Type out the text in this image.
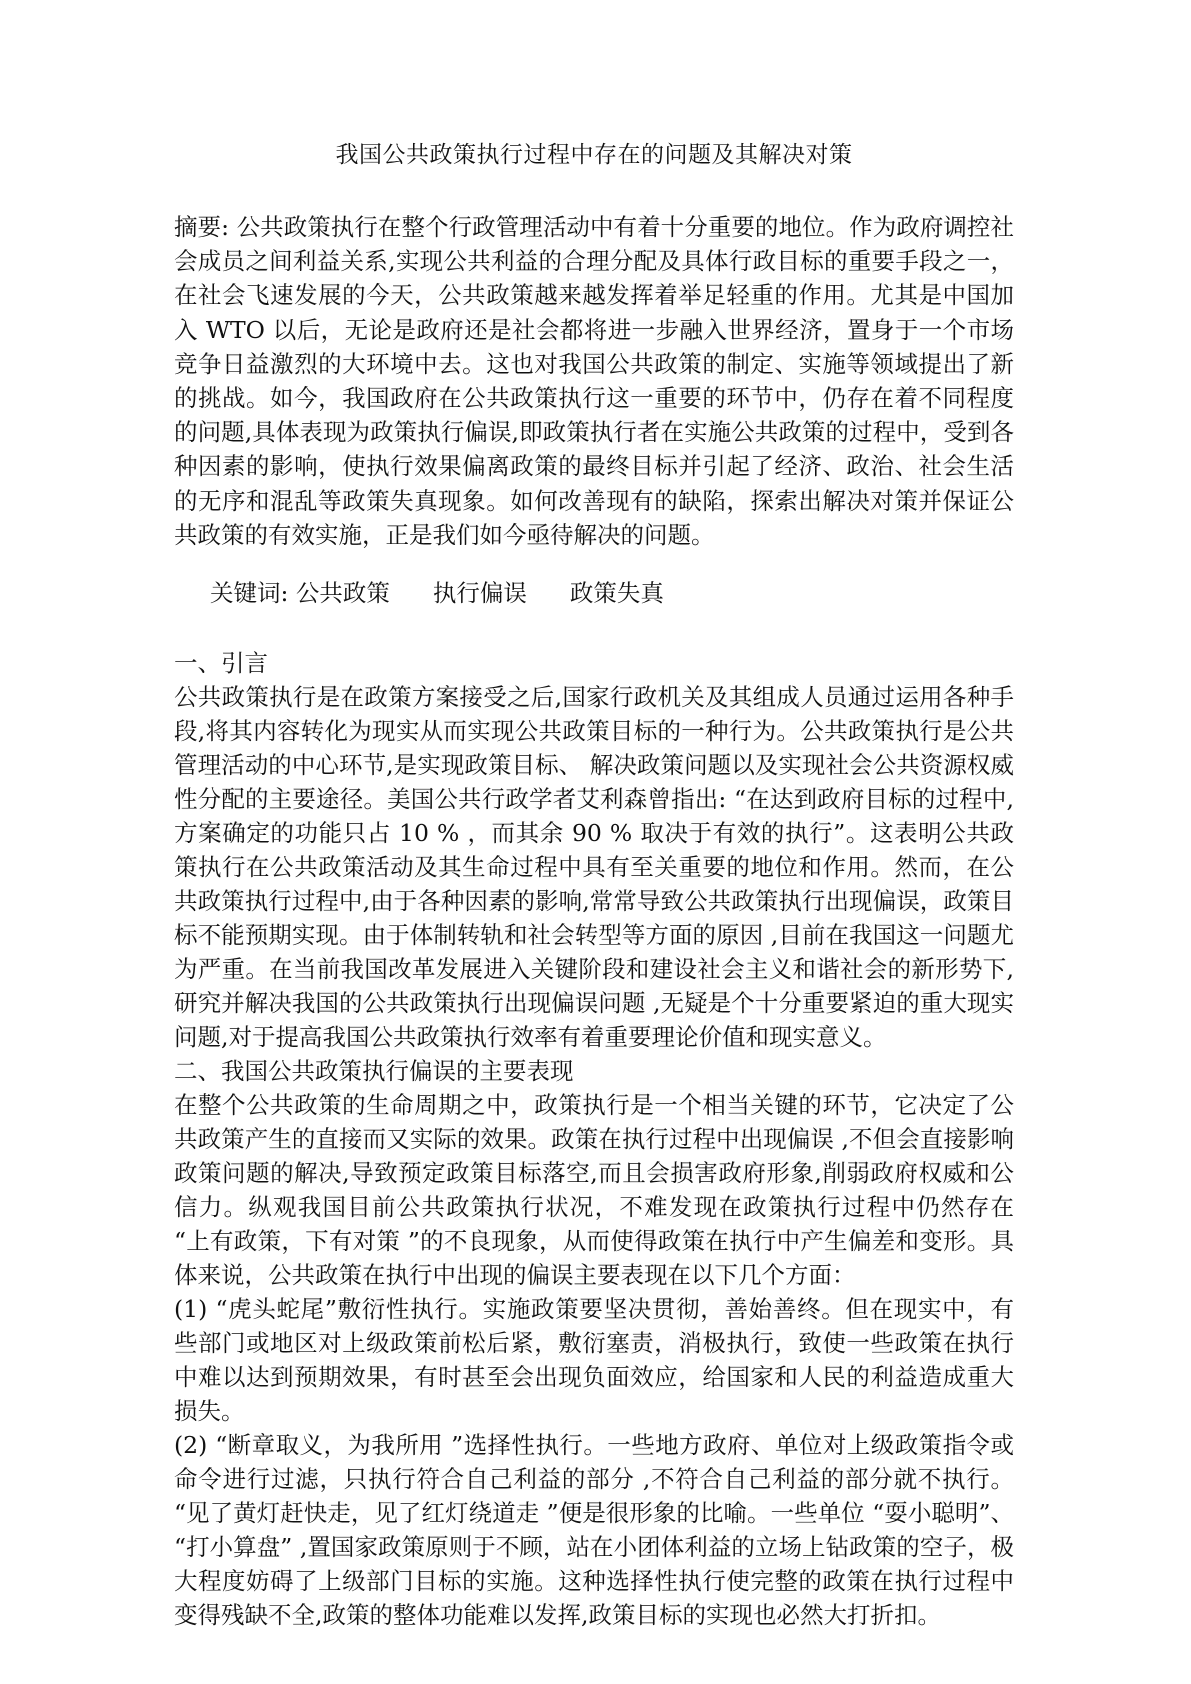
我国公共政策执行过程中存在的问题及其解决对策

摘要: 公共政策执行在整个行政管理活动中有着十分重要的地位。作为政府调控社会成员之间利益关系,实现公共利益的合理分配及具体行政目标的重要手段之一，在社会飞速发展的今天，公共政策越来越发挥着举足轻重的作用。尤其是中国加入 WTO 以后，无论是政府还是社会都将进一步融入世界经济，置身于一个市场竞争日益激烈的大环境中去。这也对我国公共政策的制定、实施等领域提出了新的挑战。如今，我国政府在公共政策执行这一重要的环节中，仍存在着不同程度的问题,具体表现为政策执行偏误,即政策执行者在实施公共政策的过程中，受到各种因素的影响，使执行效果偏离政策的最终目标并引起了经济、政治、社会生活的无序和混乱等政策失真现象。如何改善现有的缺陷，探索出解决对策并保证公共政策的有效实施，正是我们如今亟待解决的问题。

关键词: 公共政策 执行偏误 政策失真

一、引言

公共政策执行是在政策方案接受之后,国家行政机关及其组成人员通过运用各种手段,将其内容转化为现实从而实现公共政策目标的一种行为。公共政策执行是公共管理活动的中心环节,是实现政策目标、 解决政策问题以及实现社会公共资源权威性分配的主要途径。美国公共行政学者艾利森曾指出: “在达到政府目标的过程中,方案确定的功能只占 10 % ，而其余 90 % 取决于有效的执行”。这表明公共政策执行在公共政策活动及其生命过程中具有至关重要的地位和作用。然而，在公共政策执行过程中,由于各种因素的影响,常常导致公共政策执行出现偏误，政策目标不能预期实现。由于体制转轨和社会转型等方面的原因 ,目前在我国这一问题尤为严重。在当前我国改革发展进入关键阶段和建设社会主义和谐社会的新形势下,研究并解决我国的公共政策执行出现偏误问题 ,无疑是个十分重要紧迫的重大现实问题,对于提高我国公共政策执行效率有着重要理论价值和现实意义。

二、我国公共政策执行偏误的主要表现

在整个公共政策的生命周期之中，政策执行是一个相当关键的环节，它决定了公共政策产生的直接而又实际的效果。政策在执行过程中出现偏误 ,不但会直接影响政策问题的解决,导致预定政策目标落空,而且会损害政府形象,削弱政府权威和公信力。纵观我国目前公共政策执行状况，不难发现在政策执行过程中仍然存在 “上有政策，下有对策 ”的不良现象，从而使得政策在执行中产生偏差和变形。具体来说，公共政策在执行中出现的偏误主要表现在以下几个方面：

(1) “虎头蛇尾”敷衍性执行。实施政策要坚决贯彻，善始善终。但在现实中，有些部门或地区对上级政策前松后紧，敷衍塞责，消极执行，致使一些政策在执行中难以达到预期效果，有时甚至会出现负面效应，给国家和人民的利益造成重大损失。

(2) “断章取义，为我所用 ”选择性执行。一些地方政府、单位对上级政策指令或命令进行过滤，只执行符合自己利益的部分 ,不符合自己利益的部分就不执行。 “见了黄灯赶快走，见了红灯绕道走 ”便是很形象的比喻。一些单位 “耍小聪明”、 “打小算盘” ,置国家政策原则于不顾，站在小团体利益的立场上钻政策的空子，极大程度妨碍了上级部门目标的实施。这种选择性执行使完整的政策在执行过程中变得残缺不全,政策的整体功能难以发挥,政策目标的实现也必然大打折扣。
